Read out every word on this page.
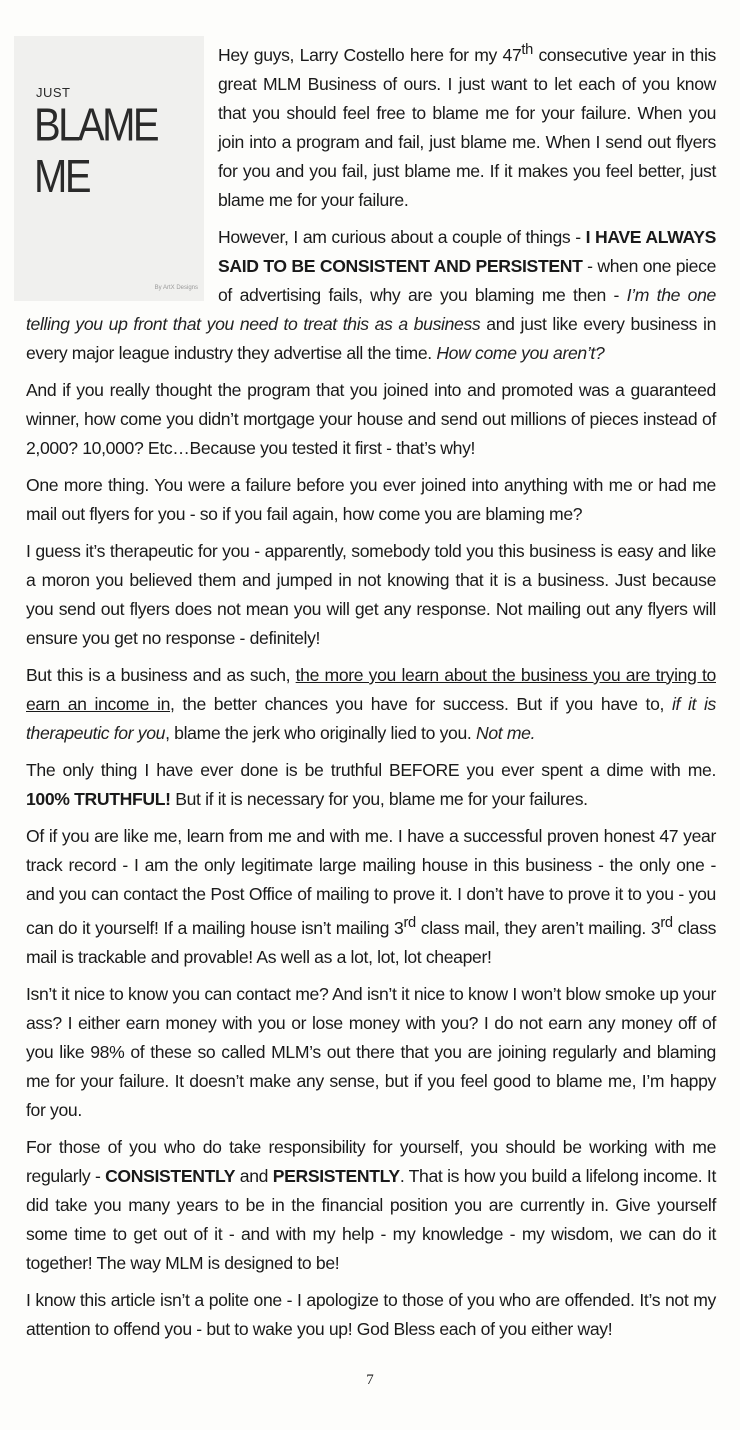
JUST
BLAME ME
By ArtX Designs

Hey guys, Larry Costello here for my 47th consecutive year in this great MLM Business of ours. I just want to let each of you know that you should feel free to blame me for your failure. When you join into a program and fail, just blame me. When I send out flyers for you and you fail, just blame me. If it makes you feel better, just blame me for your failure.

However, I am curious about a couple of things - I HAVE ALWAYS SAID TO BE CONSISTENT AND PERSISTENT - when one piece of advertising fails, why are you blaming me then - I’m the one telling you up front that you need to treat this as a business and just like every business in every major league industry they advertise all the time. How come you aren’t?

And if you really thought the program that you joined into and promoted was a guaranteed winner, how come you didn’t mortgage your house and send out millions of pieces instead of 2,000? 10,000? Etc…Because you tested it first - that’s why!

One more thing. You were a failure before you ever joined into anything with me or had me mail out flyers for you - so if you fail again, how come you are blaming me?

I guess it’s therapeutic for you - apparently, somebody told you this business is easy and like a moron you believed them and jumped in not knowing that it is a business. Just because you send out flyers does not mean you will get any response. Not mailing out any flyers will ensure you get no response - definitely!

But this is a business and as such, the more you learn about the business you are trying to earn an income in, the better chances you have for success. But if you have to, if it is therapeutic for you, blame the jerk who originally lied to you. Not me.

The only thing I have ever done is be truthful BEFORE you ever spent a dime with me. 100% TRUTHFUL! But if it is necessary for you, blame me for your failures.

Of if you are like me, learn from me and with me. I have a successful proven honest 47 year track record - I am the only legitimate large mailing house in this business - the only one - and you can contact the Post Office of mailing to prove it. I don’t have to prove it to you - you can do it yourself! If a mailing house isn’t mailing 3rd class mail, they aren’t mailing. 3rd class mail is trackable and provable! As well as a lot, lot, lot cheaper!

Isn’t it nice to know you can contact me? And isn’t it nice to know I won’t blow smoke up your ass? I either earn money with you or lose money with you? I do not earn any money off of you like 98% of these so called MLM’s out there that you are joining regularly and blaming me for your failure. It doesn’t make any sense, but if you feel good to blame me, I’m happy for you.

For those of you who do take responsibility for yourself, you should be working with me regularly - CONSISTENTLY and PERSISTENTLY. That is how you build a lifelong income. It did take you many years to be in the financial position you are currently in. Give yourself some time to get out of it - and with my help - my knowledge - my wisdom, we can do it together! The way MLM is designed to be!

I know this article isn’t a polite one - I apologize to those of you who are offended. It’s not my attention to offend you - but to wake you up! God Bless each of you either way!

7
